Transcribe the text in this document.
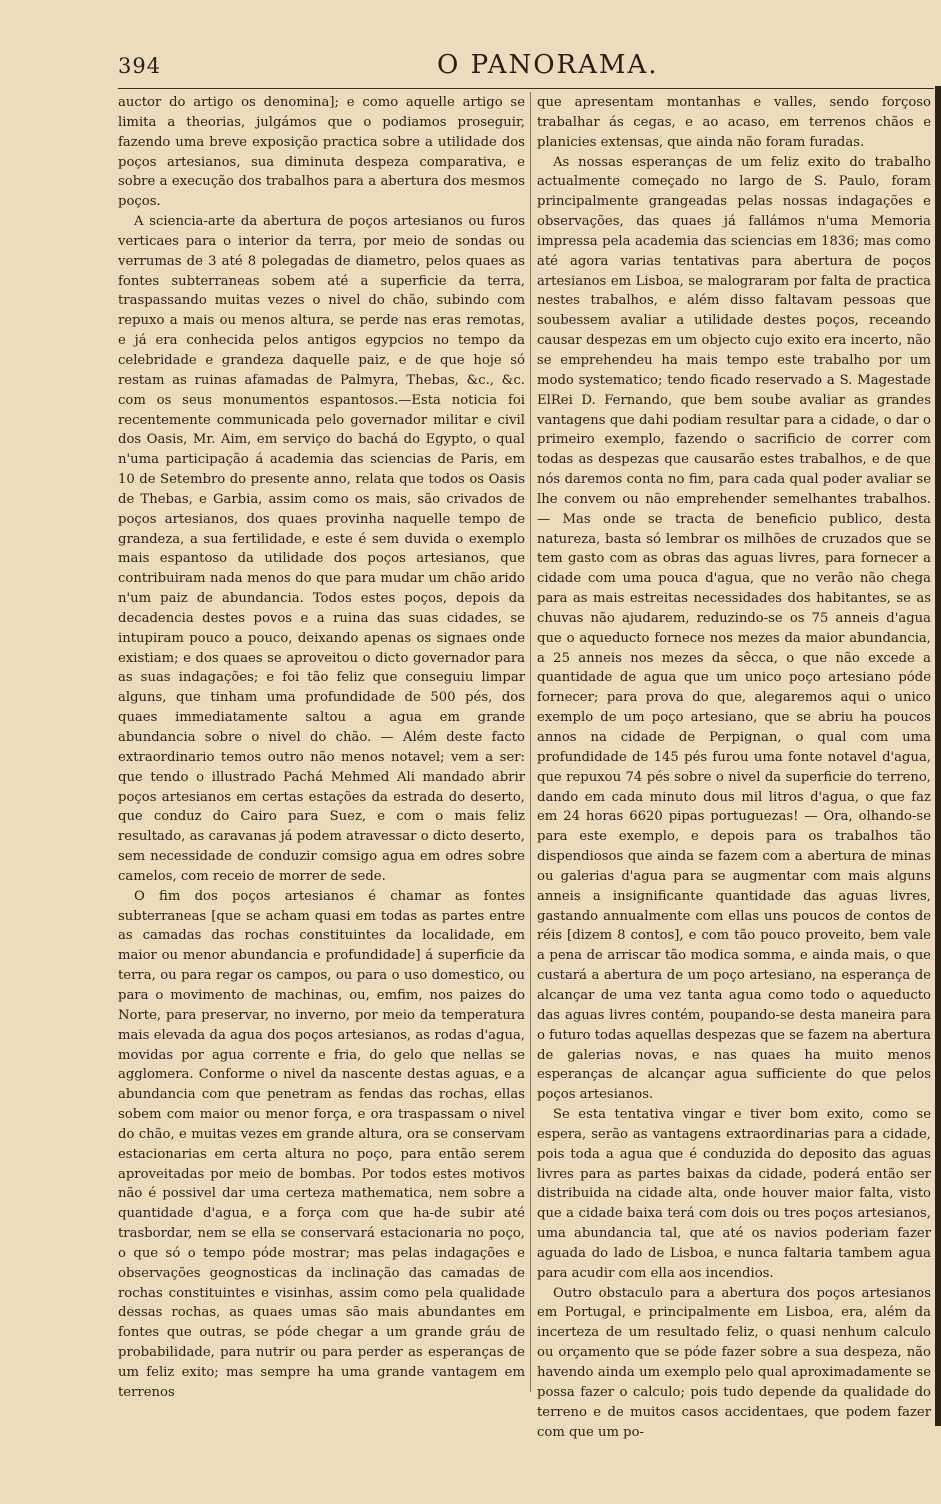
394	O PANORAMA.

auctor do artigo os denomina]; e como aquelle artigo se limita a theorias, julgámos que o podiamos proseguir, fazendo uma breve exposição practica sobre a utilidade dos poços artesianos, sua diminuta despeza comparativa, e sobre a execução dos trabalhos para a abertura dos mesmos poços.

A sciencia-arte da abertura de poços artesianos ou furos verticaes para o interior da terra, por meio de sondas ou verrumas de 3 até 8 polegadas de diametro, pelos quaes as fontes subterraneas sobem até a superficie da terra, traspassando muitas vezes o nivel do chão, subindo com repuxo a mais ou menos altura, se perde nas eras remotas, e já era conhecida pelos antigos egypcios no tempo da celebridade e grandeza daquelle paiz, e de que hoje só restam as ruinas afamadas de Palmyra, Thebas, &c., &c. com os seus monumentos espantosos.—Esta noticia foi recentemente communicada pelo governador militar e civil dos Oasis, Mr. Aim, em serviço do bachá do Egypto, o qual n'uma participação á academia das sciencias de Paris, em 10 de Setembro do presente anno, relata que todos os Oasis de Thebas, e Garbia, assim como os mais, são crivados de poços artesianos, dos quaes provinha naquelle tempo de grandeza, a sua fertilidade, e este é sem duvida o exemplo mais espantoso da utilidade dos poços artesianos, que contribuiram nada menos do que para mudar um chão arido n'um paiz de abundancia. Todos estes poços, depois da decadencia destes povos e a ruina das suas cidades, se intupiram pouco a pouco, deixando apenas os signaes onde existiam; e dos quaes se aproveitou o dicto governador para as suas indagações; e foi tão feliz que conseguiu limpar alguns, que tinham uma profundidade de 500 pés, dos quaes immediatamente saltou a agua em grande abundancia sobre o nivel do chão. — Além deste facto extraordinario temos outro não menos notavel; vem a ser: que tendo o illustrado Pachá Mehmed Ali mandado abrir poços artesianos em certas estações da estrada do deserto, que conduz do Cairo para Suez, e com o mais feliz resultado, as caravanas já podem atravessar o dicto deserto, sem necessidade de conduzir comsigo agua em odres sobre camelos, com receio de morrer de sede.

O fim dos poços artesianos é chamar as fontes subterraneas [que se acham quasi em todas as partes entre as camadas das rochas constituintes da localidade, em maior ou menor abundancia e profundidade] á superficie da terra, ou para regar os campos, ou para o uso domestico, ou para o movimento de machinas, ou, emfim, nos paizes do Norte, para preservar, no inverno, por meio da temperatura mais elevada da agua dos poços artesianos, as rodas d'agua, movidas por agua corrente e fria, do gelo que nellas se agglomera. Conforme o nivel da nascente destas aguas, e a abundancia com que penetram as fendas das rochas, ellas sobem com maior ou menor força, e ora traspassam o nivel do chão, e muitas vezes em grande altura, ora se conservam estacionarias em certa altura no poço, para então serem aproveitadas por meio de bombas. Por todos estes motivos não é possivel dar uma certeza mathematica, nem sobre a quantidade d'agua, e a força com que ha-de subir até trasbordar, nem se ella se conservará estacionaria no poço, o que só o tempo póde mostrar; mas pelas indagações e observações geognosticas da inclinação das camadas de rochas constituintes e visinhas, assim como pela qualidade dessas rochas, as quaes umas são mais abundantes em fontes que outras, se póde chegar a um grande gráu de probabilidade, para nutrir ou para perder as esperanças de um feliz exito; mas sempre ha uma grande vantagem em terrenos

que apresentam montanhas e valles, sendo forçoso trabalhar ás cegas, e ao acaso, em terrenos chãos e planicies extensas, que ainda não foram furadas.

As nossas esperanças de um feliz exito do trabalho actualmente começado no largo de S. Paulo, foram principalmente grangeadas pelas nossas indagações e observações, das quaes já fallámos n'uma Memoria impressa pela academia das sciencias em 1836; mas como até agora varias tentativas para abertura de poços artesianos em Lisboa, se malograram por falta de practica nestes trabalhos, e além disso faltavam pessoas que soubessem avaliar a utilidade destes poços, receando causar despezas em um objecto cujo exito era incerto, não se emprehendeu ha mais tempo este trabalho por um modo systematico; tendo ficado reservado a S. Magestade ElRei D. Fernando, que bem soube avaliar as grandes vantagens que dahi podiam resultar para a cidade, o dar o primeiro exemplo, fazendo o sacrificio de correr com todas as despezas que causarão estes trabalhos, e de que nós daremos conta no fim, para cada qual poder avaliar se lhe convem ou não emprehender semelhantes trabalhos. — Mas onde se tracta de beneficio publico, desta natureza, basta só lembrar os milhões de cruzados que se tem gasto com as obras das aguas livres, para fornecer a cidade com uma pouca d'agua, que no verão não chega para as mais estreitas necessidades dos habitantes, se as chuvas não ajudarem, reduzindo-se os 75 anneis d'agua que o aqueducto fornece nos mezes da maior abundancia, a 25 anneis nos mezes da sêcca, o que não excede a quantidade de agua que um unico poço artesiano póde fornecer; para prova do que, alegaremos aqui o unico exemplo de um poço artesiano, que se abriu ha poucos annos na cidade de Perpignan, o qual com uma profundidade de 145 pés furou uma fonte notavel d'agua, que repuxou 74 pés sobre o nivel da superficie do terreno, dando em cada minuto dous mil litros d'agua, o que faz em 24 horas 6620 pipas portuguezas! — Ora, olhando-se para este exemplo, e depois para os trabalhos tão dispendiosos que ainda se fazem com a abertura de minas ou galerias d'agua para se augmentar com mais alguns anneis a insignificante quantidade das aguas livres, gastando annualmente com ellas uns poucos de contos de réis [dizem 8 contos], e com tão pouco proveito, bem vale a pena de arriscar tão modica somma, e ainda mais, o que custará a abertura de um poço artesiano, na esperança de alcançar de uma vez tanta agua como todo o aqueducto das aguas livres contém, poupando-se desta maneira para o futuro todas aquellas despezas que se fazem na abertura de galerias novas, e nas quaes ha muito menos esperanças de alcançar agua sufficiente do que pelos poços artesianos.

Se esta tentativa vingar e tiver bom exito, como se espera, serão as vantagens extraordinarias para a cidade, pois toda a agua que é conduzida do deposito das aguas livres para as partes baixas da cidade, poderá então ser distribuida na cidade alta, onde houver maior falta, visto que a cidade baixa terá com dois ou tres poços artesianos, uma abundancia tal, que até os navios poderiam fazer aguada do lado de Lisboa, e nunca faltaria tambem agua para acudir com ella aos incendios.

Outro obstaculo para a abertura dos poços artesianos em Portugal, e principalmente em Lisboa, era, além da incerteza de um resultado feliz, o quasi nenhum calculo ou orçamento que se póde fazer sobre a sua despeza, não havendo ainda um exemplo pelo qual aproximadamente se possa fazer o calculo; pois tudo depende da qualidade do terreno e de muitos casos accidentaes, que podem fazer com que um po-
